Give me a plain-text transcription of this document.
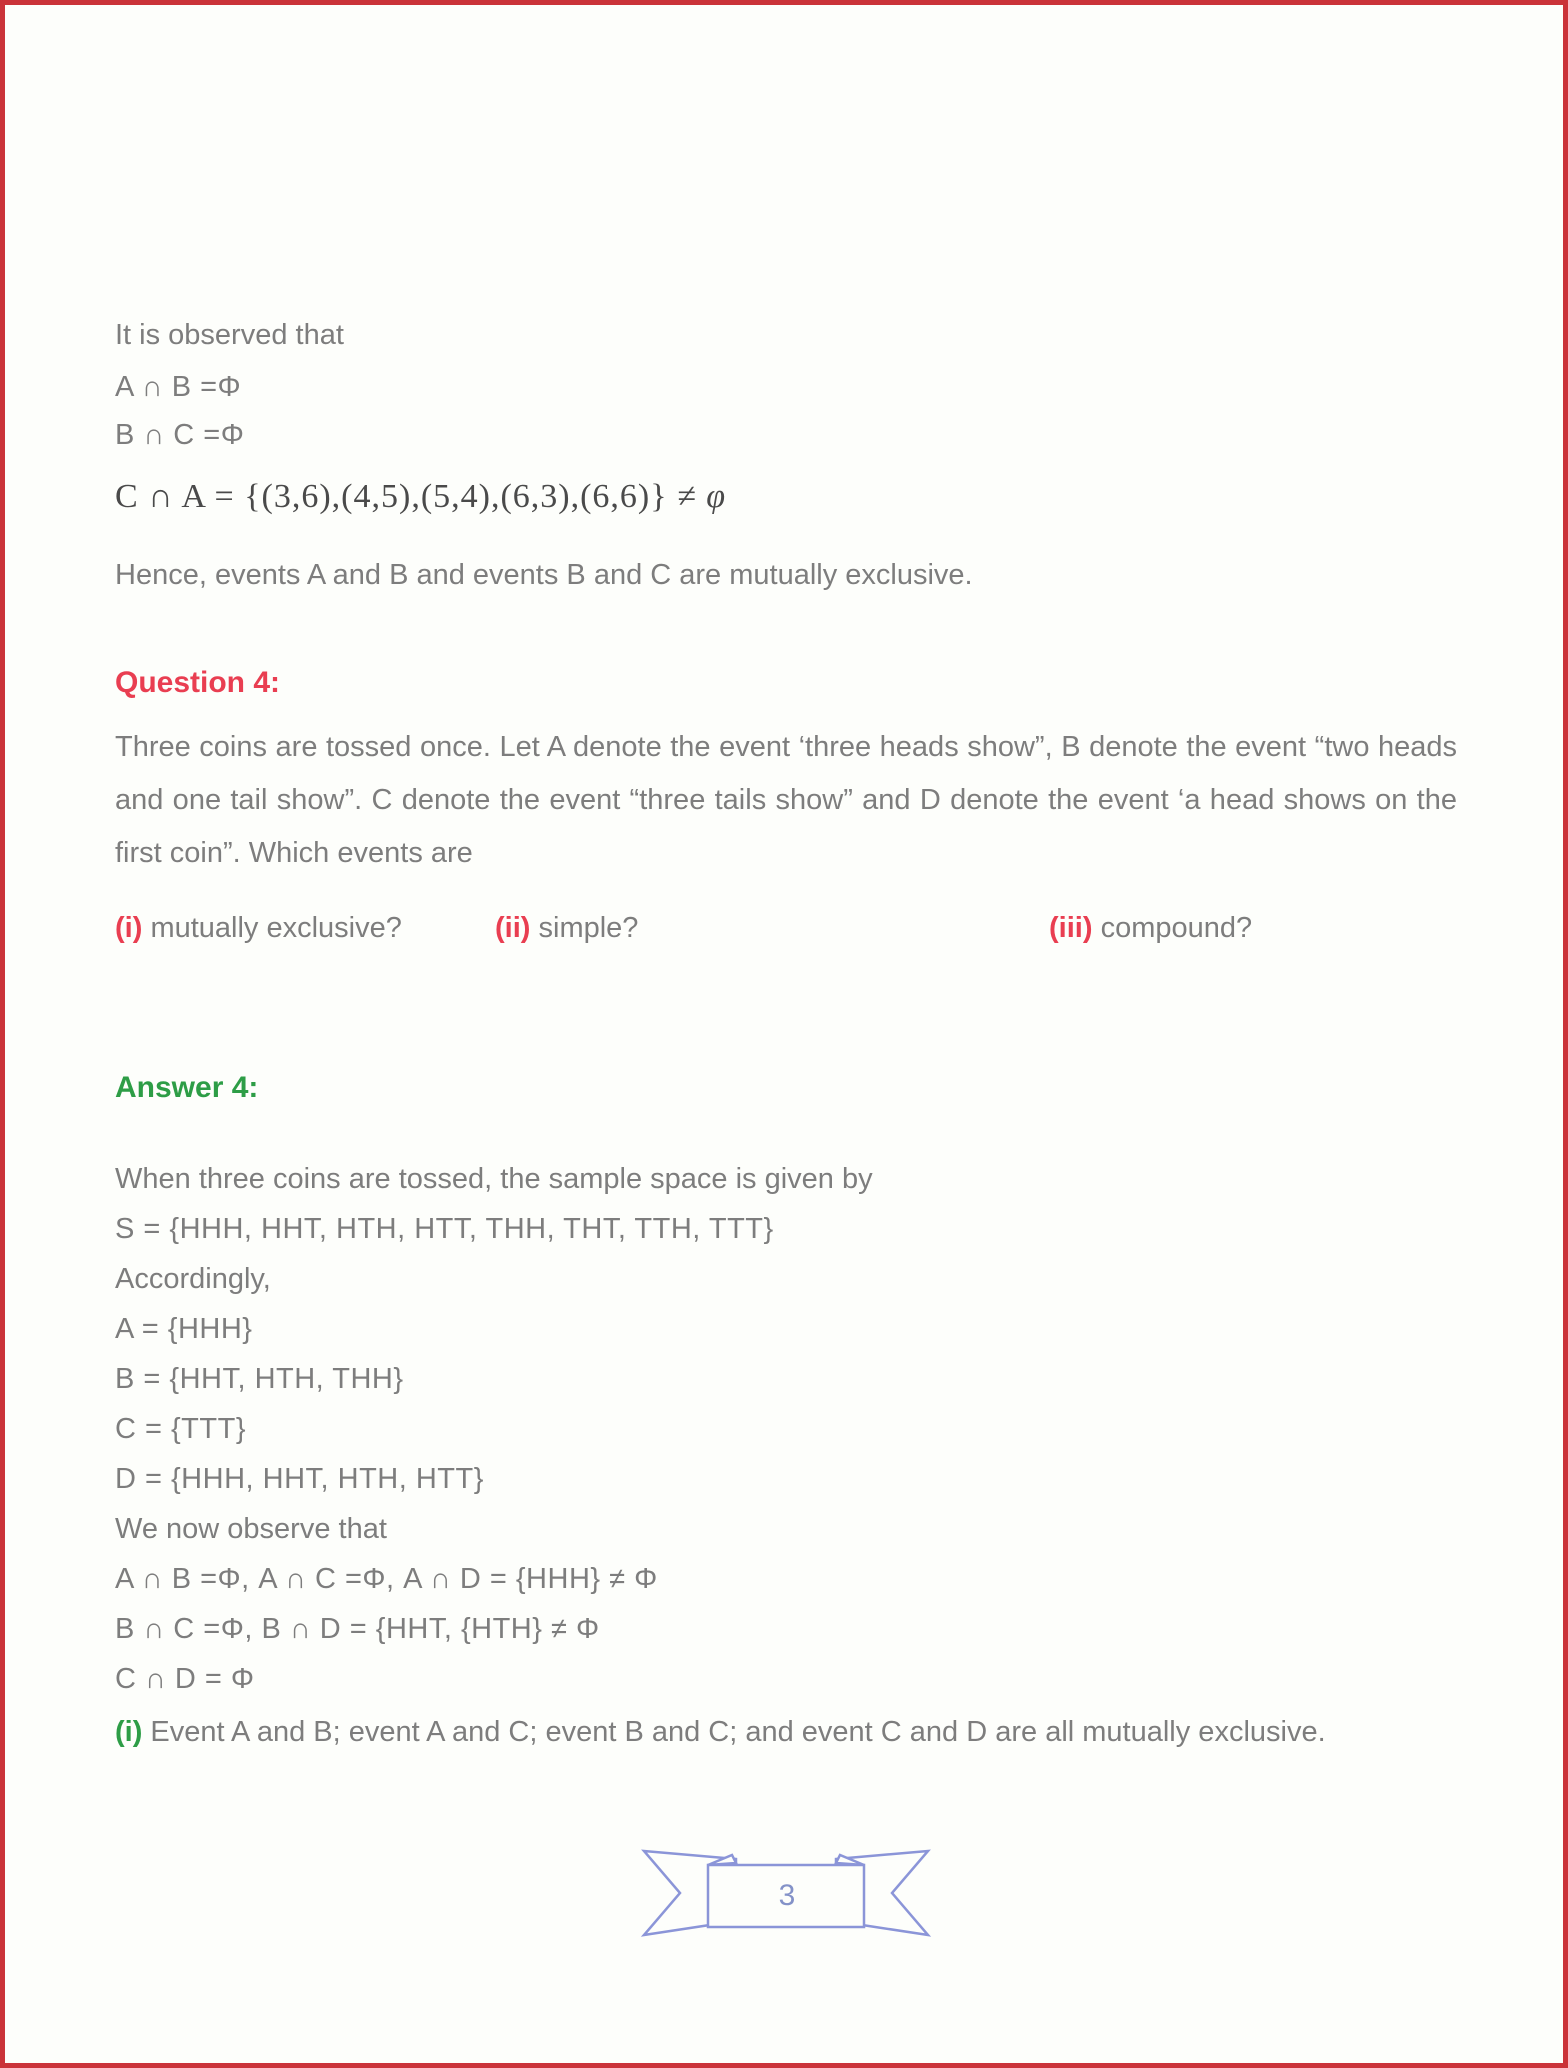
It is observed that

A ∩ B =Φ

B ∩ C =Φ

C ∩ A = {(3,6),(4,5),(5,4),(6,3),(6,6)} ≠ φ

Hence, events A and B and events B and C are mutually exclusive.

Question 4:

Three coins are tossed once. Let A denote the event ‘three heads show”, B denote the event “two heads and one tail show”. C denote the event “three tails show” and D denote the event ‘a head shows on the first coin”. Which events are

(i) mutually exclusive?	(ii) simple?	(iii) compound?

Answer 4:

When three coins are tossed, the sample space is given by

S = {HHH, HHT, HTH, HTT, THH, THT, TTH, TTT}

Accordingly,

A = {HHH}

B = {HHT, HTH, THH}

C = {TTT}

D = {HHH, HHT, HTH, HTT}

We now observe that

A ∩ B =Φ, A ∩ C =Φ, A ∩ D = {HHH} ≠ Φ

B ∩ C =Φ, B ∩ D = {HHT, {HTH} ≠ Φ

C ∩ D = Φ

(i) Event A and B; event A and C; event B and C; and event C and D are all mutually exclusive.

3
